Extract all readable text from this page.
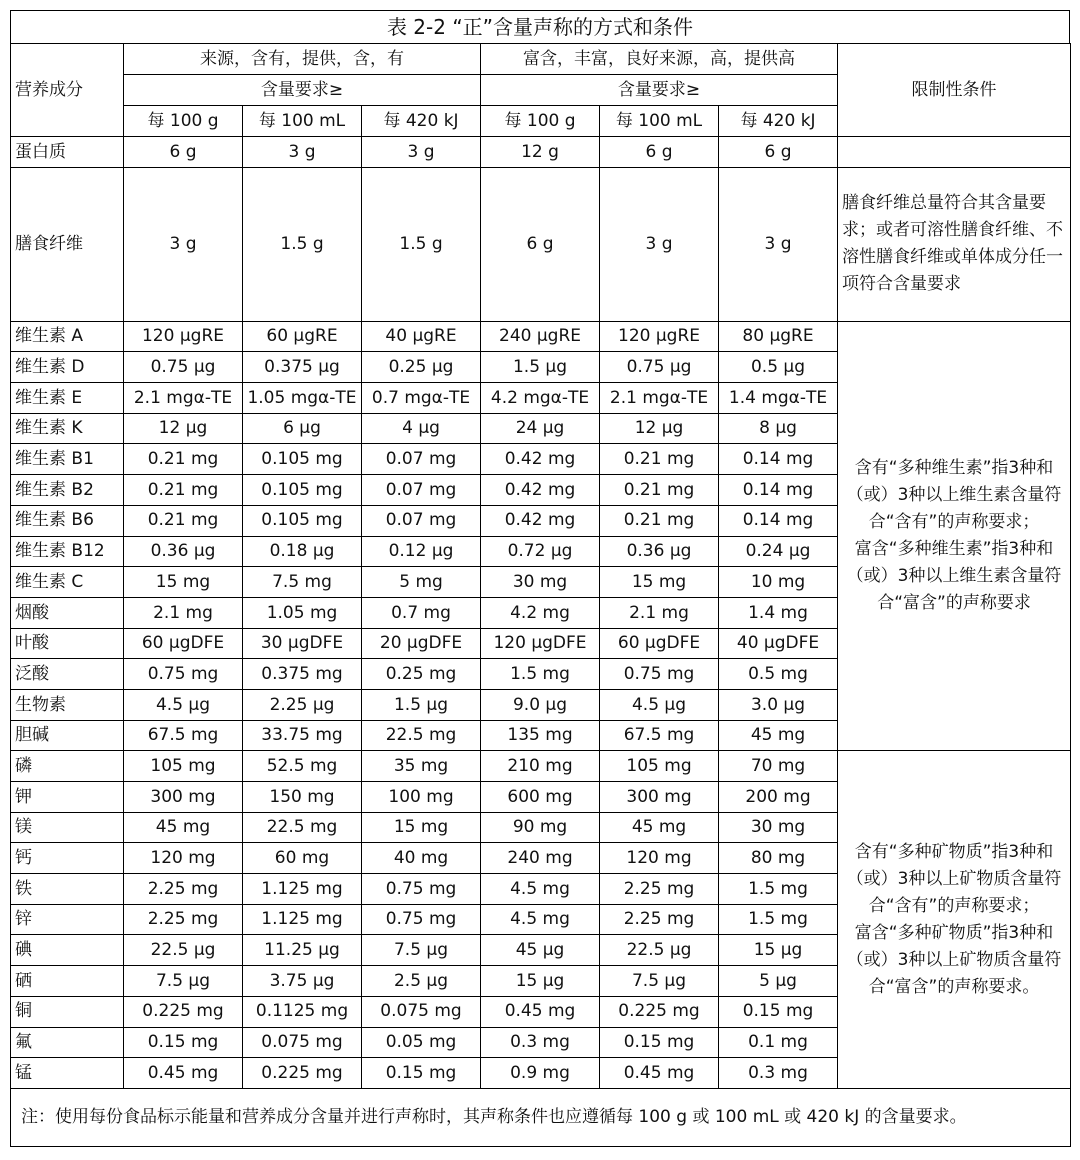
表 2-2 “正”含量声称的方式和条件
营养成分	来源，含有，提供，含，有			富含，丰富，良好来源，高，提供高			限制性条件
	含量要求≥			含量要求≥			
	每 100 g	每 100 mL	每 420 kJ	每 100 g	每 100 mL	每 420 kJ	
蛋白质	6 g	3 g	3 g	12 g	6 g	6 g	
膳食纤维	3 g	1.5 g	1.5 g	6 g	3 g	3 g	膳食纤维总量符合其含量要求；或者可溶性膳食纤维、不溶性膳食纤维或单体成分任一项符合含量要求
维生素 A	120 μgRE	60 μgRE	40 μgRE	240 μgRE	120 μgRE	80 μgRE	含有“多种维生素”指3种和（或）3种以上维生素含量符合“含有”的声称要求；
富含“多种维生素”指3种和（或）3种以上维生素含量符合“富含”的声称要求
维生素 D	0.75 μg	0.375 μg	0.25 μg	1.5 μg	0.75 μg	0.5 μg	
维生素 E	2.1 mgα-TE	1.05 mgα-TE	0.7 mgα-TE	4.2 mgα-TE	2.1 mgα-TE	1.4 mgα-TE	
维生素 K	12 μg	6 μg	4 μg	24 μg	12 μg	8 μg	
维生素 B1	0.21 mg	0.105 mg	0.07 mg	0.42 mg	0.21 mg	0.14 mg	
维生素 B2	0.21 mg	0.105 mg	0.07 mg	0.42 mg	0.21 mg	0.14 mg	
维生素 B6	0.21 mg	0.105 mg	0.07 mg	0.42 mg	0.21 mg	0.14 mg	
维生素 B12	0.36 μg	0.18 μg	0.12 μg	0.72 μg	0.36 μg	0.24 μg	
维生素 C	15 mg	7.5 mg	5 mg	30 mg	15 mg	10 mg	
烟酸	2.1 mg	1.05 mg	0.7 mg	4.2 mg	2.1 mg	1.4 mg	
叶酸	60 μgDFE	30 μgDFE	20 μgDFE	120 μgDFE	60 μgDFE	40 μgDFE	
泛酸	0.75 mg	0.375 mg	0.25 mg	1.5 mg	0.75 mg	0.5 mg	
生物素	4.5 μg	2.25 μg	1.5 μg	9.0 μg	4.5 μg	3.0 μg	
胆碱	67.5 mg	33.75 mg	22.5 mg	135 mg	67.5 mg	45 mg	
磷	105 mg	52.5 mg	35 mg	210 mg	105 mg	70 mg	含有“多种矿物质”指3种和（或）3种以上矿物质含量符合“含有”的声称要求；
富含“多种矿物质”指3种和（或）3种以上矿物质含量符合“富含”的声称要求。
钾	300 mg	150 mg	100 mg	600 mg	300 mg	200 mg	
镁	45 mg	22.5 mg	15 mg	90 mg	45 mg	30 mg	
钙	120 mg	60 mg	40 mg	240 mg	120 mg	80 mg	
铁	2.25 mg	1.125 mg	0.75 mg	4.5 mg	2.25 mg	1.5 mg	
锌	2.25 mg	1.125 mg	0.75 mg	4.5 mg	2.25 mg	1.5 mg	
碘	22.5 μg	11.25 μg	7.5 μg	45 μg	22.5 μg	15 μg	
硒	7.5 μg	3.75 μg	2.5 μg	15 μg	7.5 μg	5 μg	
铜	0.225 mg	0.1125 mg	0.075 mg	0.45 mg	0.225 mg	0.15 mg	
氟	0.15 mg	0.075 mg	0.05 mg	0.3 mg	0.15 mg	0.1 mg	
锰	0.45 mg	0.225 mg	0.15 mg	0.9 mg	0.45 mg	0.3 mg	
注：使用每份食品标示能量和营养成分含量并进行声称时，其声称条件也应遵循每 100 g 或 100 mL 或 420 kJ 的含量要求。							
